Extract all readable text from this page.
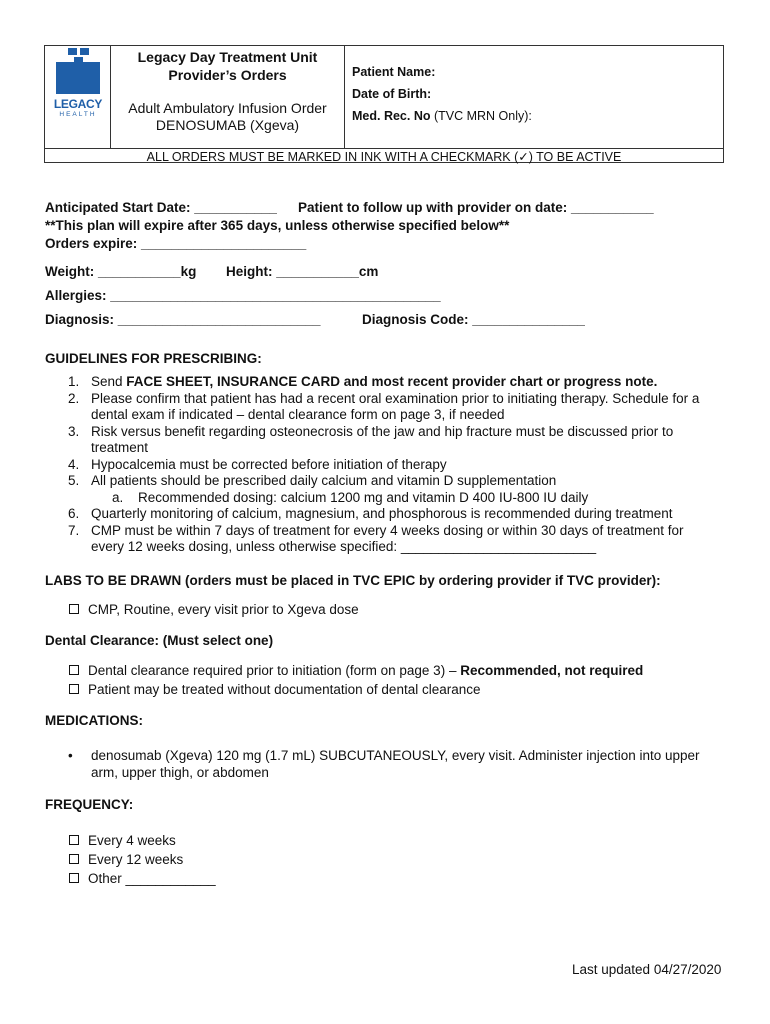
LEGACY
HEALTH
Legacy Day Treatment Unit
Provider’s Orders
Adult Ambulatory Infusion Order
DENOSUMAB (Xgeva)
Patient Name:
Date of Birth:
Med. Rec. No (TVC MRN Only):
ALL ORDERS MUST BE MARKED IN INK WITH A CHECKMARK (✓) TO BE ACTIVE
Anticipated Start Date: ___________ Patient to follow up with provider on date: ___________
**This plan will expire after 365 days, unless otherwise specified below**
Orders expire: ______________________
Weight: ___________kg Height: ___________cm
Allergies: ____________________________________________
Diagnosis: ___________________________	Diagnosis Code: _______________
GUIDELINES FOR PRESCRIBING:
1. Send FACE SHEET, INSURANCE CARD and most recent provider chart or progress note.
2. Please confirm that patient has had a recent oral examination prior to initiating therapy. Schedule for a
dental exam if indicated – dental clearance form on page 3, if needed
3. Risk versus benefit regarding osteonecrosis of the jaw and hip fracture must be discussed prior to
treatment
4. Hypocalcemia must be corrected before initiation of therapy
5. All patients should be prescribed daily calcium and vitamin D supplementation
a. Recommended dosing: calcium 1200 mg and vitamin D 400 IU-800 IU daily
6. Quarterly monitoring of calcium, magnesium, and phosphorous is recommended during treatment
7. CMP must be within 7 days of treatment for every 4 weeks dosing or within 30 days of treatment for
every 12 weeks dosing, unless otherwise specified: __________________________
LABS TO BE DRAWN (orders must be placed in TVC EPIC by ordering provider if TVC provider):
CMP, Routine, every visit prior to Xgeva dose
Dental Clearance: (Must select one)
Dental clearance required prior to initiation (form on page 3) – Recommended, not required
Patient may be treated without documentation of dental clearance
MEDICATIONS:
• denosumab (Xgeva) 120 mg (1.7 mL) SUBCUTANEOUSLY, every visit. Administer injection into upper
arm, upper thigh, or abdomen
FREQUENCY:
Every 4 weeks
Every 12 weeks
Other ____________
Last updated 04/27/2020
